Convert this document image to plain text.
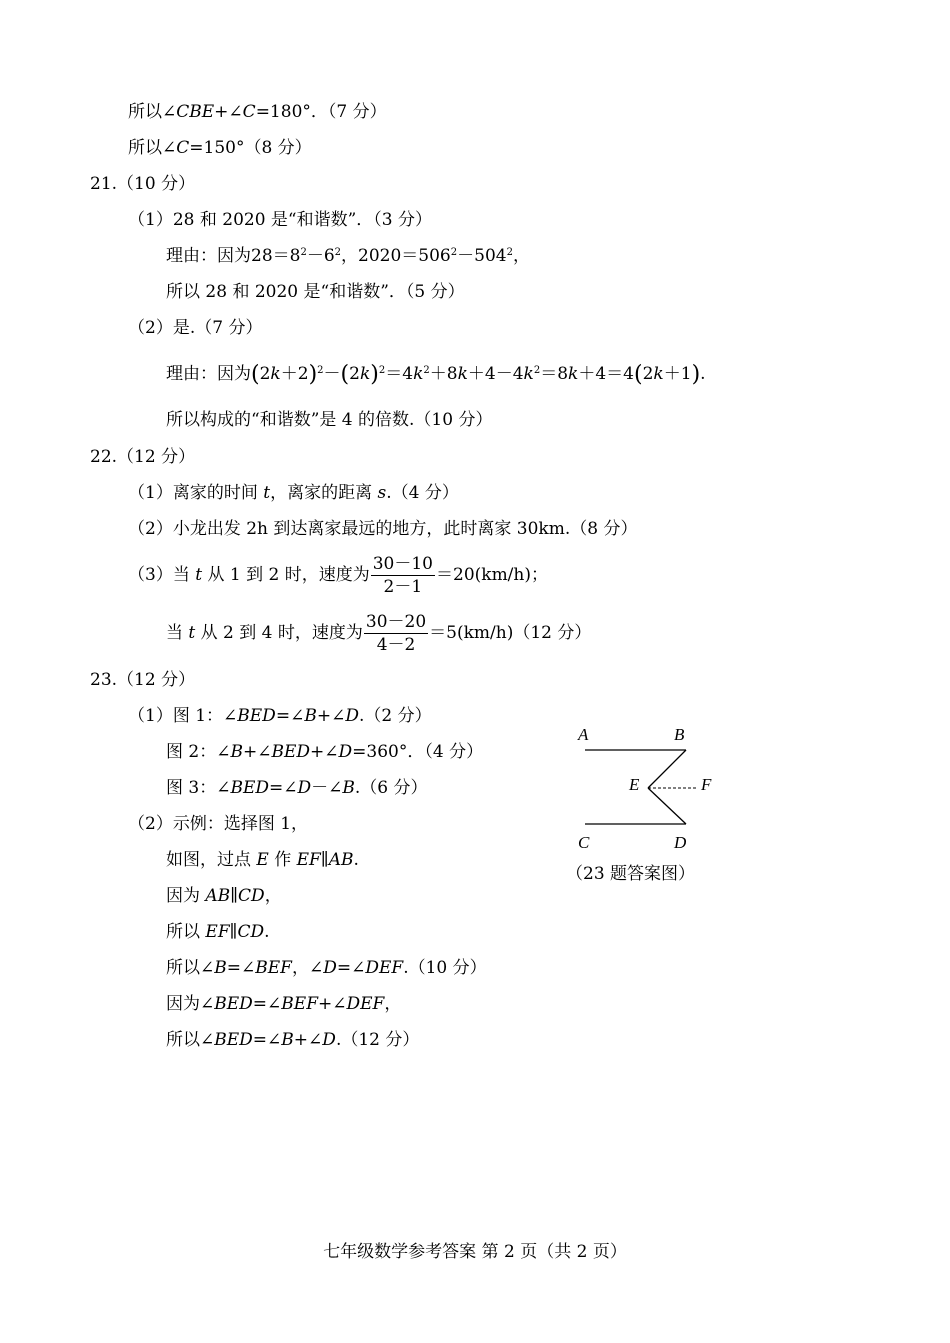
所以∠CBE+∠C=180°．（7 分）
所以∠C=150°（8 分）
21.（10 分）
（1）28 和 2020 是“和谐数”．（3 分）
理由：因为$28=8^2-6^2$，$2020=506^2-504^2$，
所以 28 和 2020 是“和谐数”．（5 分）
（2）是.（7 分）
理由：因为$(2k+2)^2-(2k)^2=4k^2+8k+4-4k^2=8k+4=4(2k+1)$.
所以构成的“和谐数”是 4 的倍数.（10 分）
22.（12 分）
（1）离家的时间 t，离家的距离 s.（4 分）
（2）小龙出发 2h 到达离家最远的地方，此时离家 30km.（8 分）
（3）当 t 从 1 到 2 时，速度为 $\frac{30-10}{2-1} =20(km/h)$；
当 t 从 2 到 4 时，速度为 $\frac{30-20}{4-2} =5(km/h)(12$ 分）
23.（12 分）
（1）图 1：∠BED=∠B+∠D.（2 分）
图 2：∠B+∠BED+∠D=360°．（4 分）
图 3：∠BED=∠D－∠B.（6 分）
（2）示例：选择图 1，
如图，过点 E 作 EF∥AB.
因为 AB∥CD，
所以 EF∥CD.
所以∠B=∠BEF，∠D=∠DEF.（10 分）
因为∠BED=∠BEF+∠DEF，
所以∠BED=∠B+∠D.（12 分）
A	B
E	F
C	D
（23 题答案图）
七年级数学参考答案 第 2 页（共 2 页）
